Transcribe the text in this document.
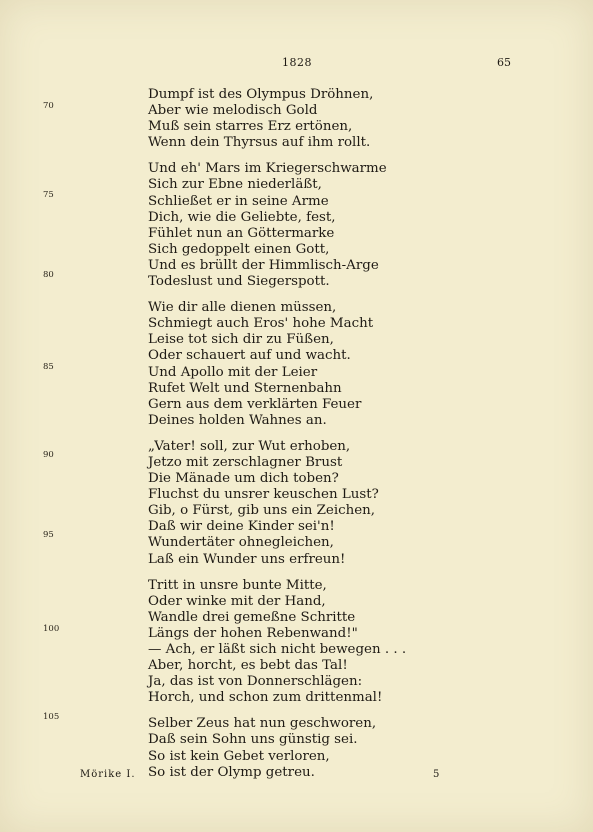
1828	65
70
75
80
85
90
95
100
105
Dumpf ist des Olympus Dröhnen,
Aber wie melodisch Gold
Muß sein starres Erz ertönen,
Wenn dein Thyrsus auf ihm rollt.
Und eh' Mars im Kriegerschwarme
Sich zur Ebne niederläßt,
Schließet er in seine Arme
Dich, wie die Geliebte, fest,
Fühlet nun an Göttermarke
Sich gedoppelt einen Gott,
Und es brüllt der Himmlisch-Arge
Todeslust und Siegerspott.
Wie dir alle dienen müssen,
Schmiegt auch Eros' hohe Macht
Leise tot sich dir zu Füßen,
Oder schauert auf und wacht.
Und Apollo mit der Leier
Rufet Welt und Sternenbahn
Gern aus dem verklärten Feuer
Deines holden Wahnes an.
„Vater! soll, zur Wut erhoben,
Jetzo mit zerschlagner Brust
Die Mänade um dich toben?
Fluchst du unsrer keuschen Lust?
Gib, o Fürst, gib uns ein Zeichen,
Daß wir deine Kinder sei'n!
Wundertäter ohnegleichen,
Laß ein Wunder uns erfreun!
Tritt in unsre bunte Mitte,
Oder winke mit der Hand,
Wandle drei gemeßne Schritte
Längs der hohen Rebenwand!"
— Ach, er läßt sich nicht bewegen . . .
Aber, horcht, es bebt das Tal!
Ja, das ist von Donnerschlägen:
Horch, und schon zum drittenmal!
Selber Zeus hat nun geschworen,
Daß sein Sohn uns günstig sei.
So ist kein Gebet verloren,
So ist der Olymp getreu.
Mörike I.	5
